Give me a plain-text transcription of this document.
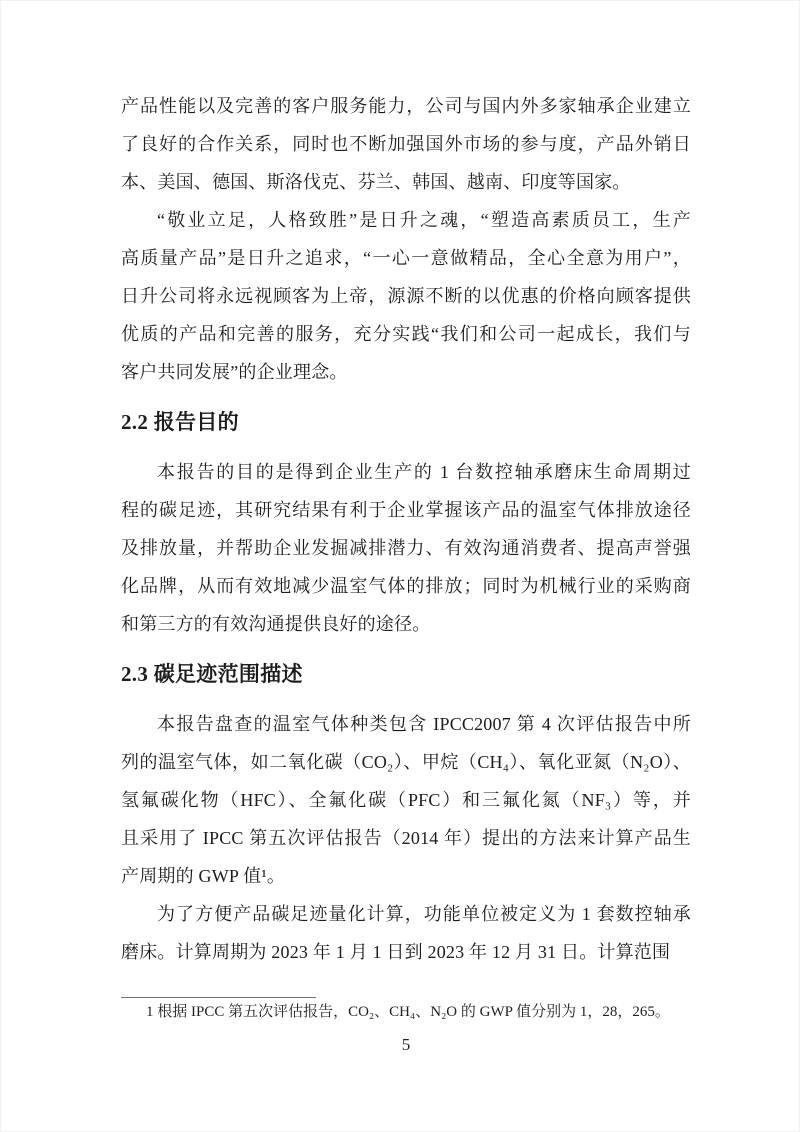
产品性能以及完善的客户服务能力，公司与国内外多家轴承企业建立
了良好的合作关系，同时也不断加强国外市场的参与度，产品外销日
本、美国、德国、斯洛伐克、芬兰、韩国、越南、印度等国家。
“敬业立足，人格致胜”是日升之魂，“塑造高素质员工，生产
高质量产品”是日升之追求，“一心一意做精品，全心全意为用户”，
日升公司将永远视顾客为上帝，源源不断的以优惠的价格向顾客提供
优质的产品和完善的服务，充分实践“我们和公司一起成长，我们与
客户共同发展”的企业理念。
2.2 报告目的
本报告的目的是得到企业生产的 1 台数控轴承磨床生命周期过
程的碳足迹，其研究结果有利于企业掌握该产品的温室气体排放途径
及排放量，并帮助企业发掘减排潜力、有效沟通消费者、提高声誉强
化品牌，从而有效地减少温室气体的排放；同时为机械行业的采购商
和第三方的有效沟通提供良好的途径。
2.3 碳足迹范围描述
本报告盘查的温室气体种类包含 IPCC2007 第 4 次评估报告中所
列的温室气体，如二氧化碳（CO₂）、甲烷（CH₄）、氧化亚氮（N₂O）、
氢氟碳化物（HFC）、全氟化碳（PFC）和三氟化氮（NF₃）等，并
且采用了 IPCC 第五次评估报告（2014 年）提出的方法来计算产品生
产周期的 GWP 值¹。
为了方便产品碳足迹量化计算，功能单位被定义为 1 套数控轴承
磨床。计算周期为 2023 年 1 月 1 日到 2023 年 12 月 31 日。计算范围
1 根据 IPCC 第五次评估报告，CO₂、CH₄、N₂O 的 GWP 值分别为 1，28，265。
5
